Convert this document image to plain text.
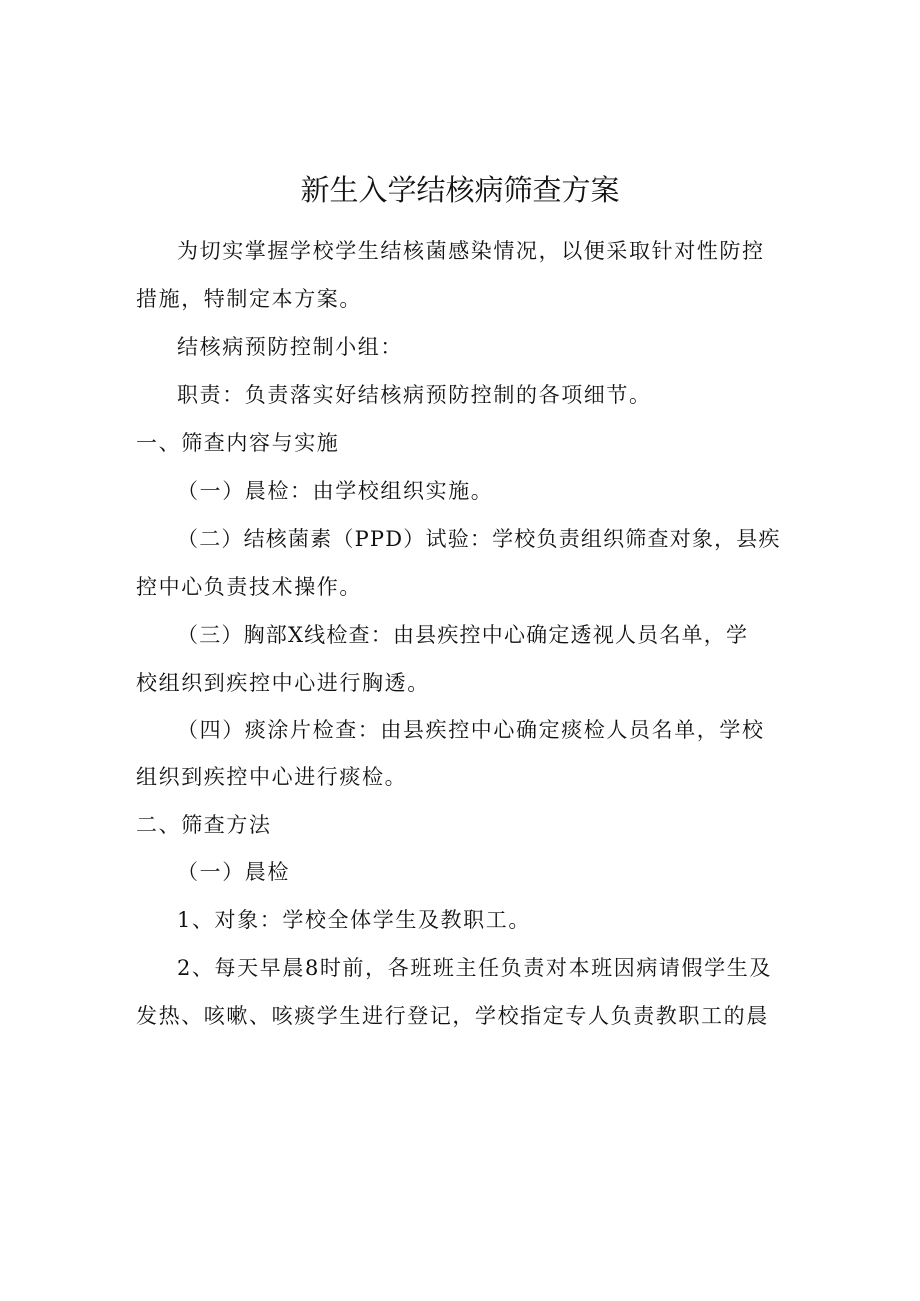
新生入学结核病筛查方案
为切实掌握学校学生结核菌感染情况，以便采取针对性防控
措施，特制定本方案。
结核病预防控制小组：
职责：负责落实好结核病预防控制的各项细节。
一、筛查内容与实施
（一）晨检：由学校组织实施。
（二）结核菌素（PPD）试验：学校负责组织筛查对象，县疾
控中心负责技术操作。
（三）胸部X线检查：由县疾控中心确定透视人员名单，学
校组织到疾控中心进行胸透。
（四）痰涂片检查：由县疾控中心确定痰检人员名单，学校
组织到疾控中心进行痰检。
二、筛查方法
（一）晨检
1、对象：学校全体学生及教职工。
2、每天早晨8时前，各班班主任负责对本班因病请假学生及
发热、咳嗽、咳痰学生进行登记，学校指定专人负责教职工的晨
